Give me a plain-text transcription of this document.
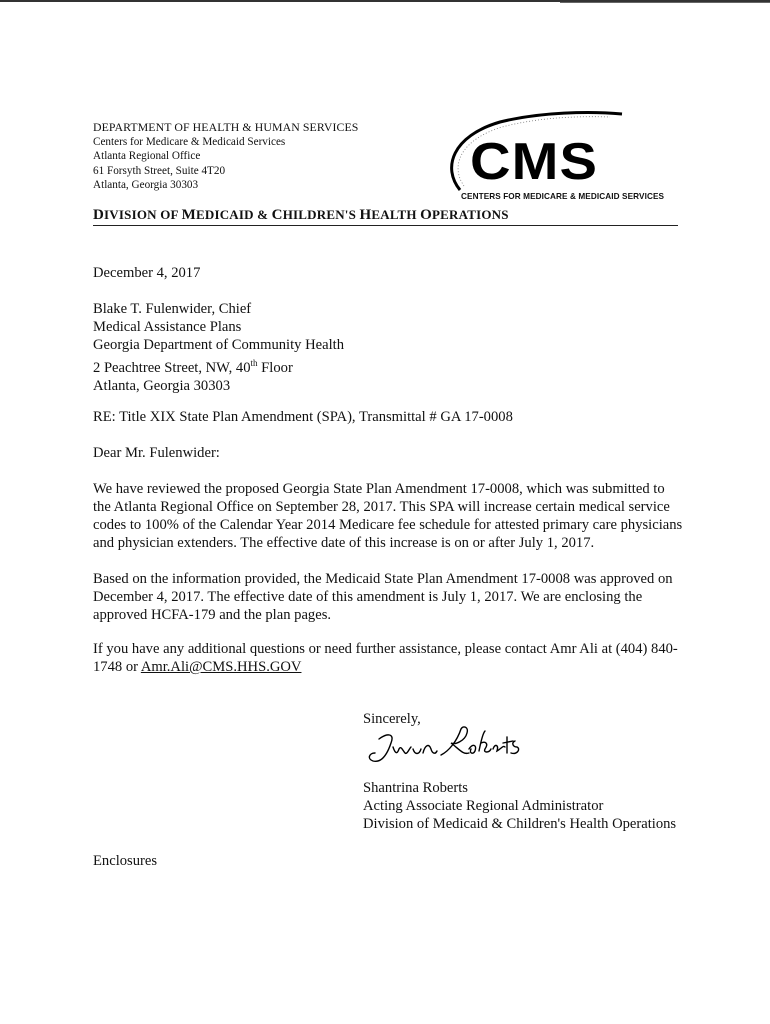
DEPARTMENT OF HEALTH & HUMAN SERVICES
Centers for Medicare & Medicaid Services
Atlanta Regional Office
61 Forsyth Street, Suite 4T20
Atlanta, Georgia 30303	CMS
CENTERS FOR MEDICARE & MEDICAID SERVICES
DIVISION OF MEDICAID & CHILDREN'S HEALTH OPERATIONS
December 4, 2017
Blake T. Fulenwider, Chief
Medical Assistance Plans
Georgia Department of Community Health
2 Peachtree Street, NW, 40th Floor
Atlanta, Georgia 30303
RE: Title XIX State Plan Amendment (SPA), Transmittal # GA 17-0008
Dear Mr. Fulenwider:

We have reviewed the proposed Georgia State Plan Amendment 17-0008, which was submitted to the Atlanta Regional Office on September 28, 2017. This SPA will increase certain medical service codes to 100% of the Calendar Year 2014 Medicare fee schedule for attested primary care physicians and physician extenders. The effective date of this increase is on or after July 1, 2017.

Based on the information provided, the Medicaid State Plan Amendment 17-0008 was approved on December 4, 2017. The effective date of this amendment is July 1, 2017. We are enclosing the approved HCFA-179 and the plan pages.

If you have any additional questions or need further assistance, please contact Amr Ali at (404) 840-1748 or Amr.Ali@CMS.HHS.GOV

Sincerely,
Shantrina Roberts
Acting Associate Regional Administrator
Division of Medicaid & Children's Health Operations
Enclosures
